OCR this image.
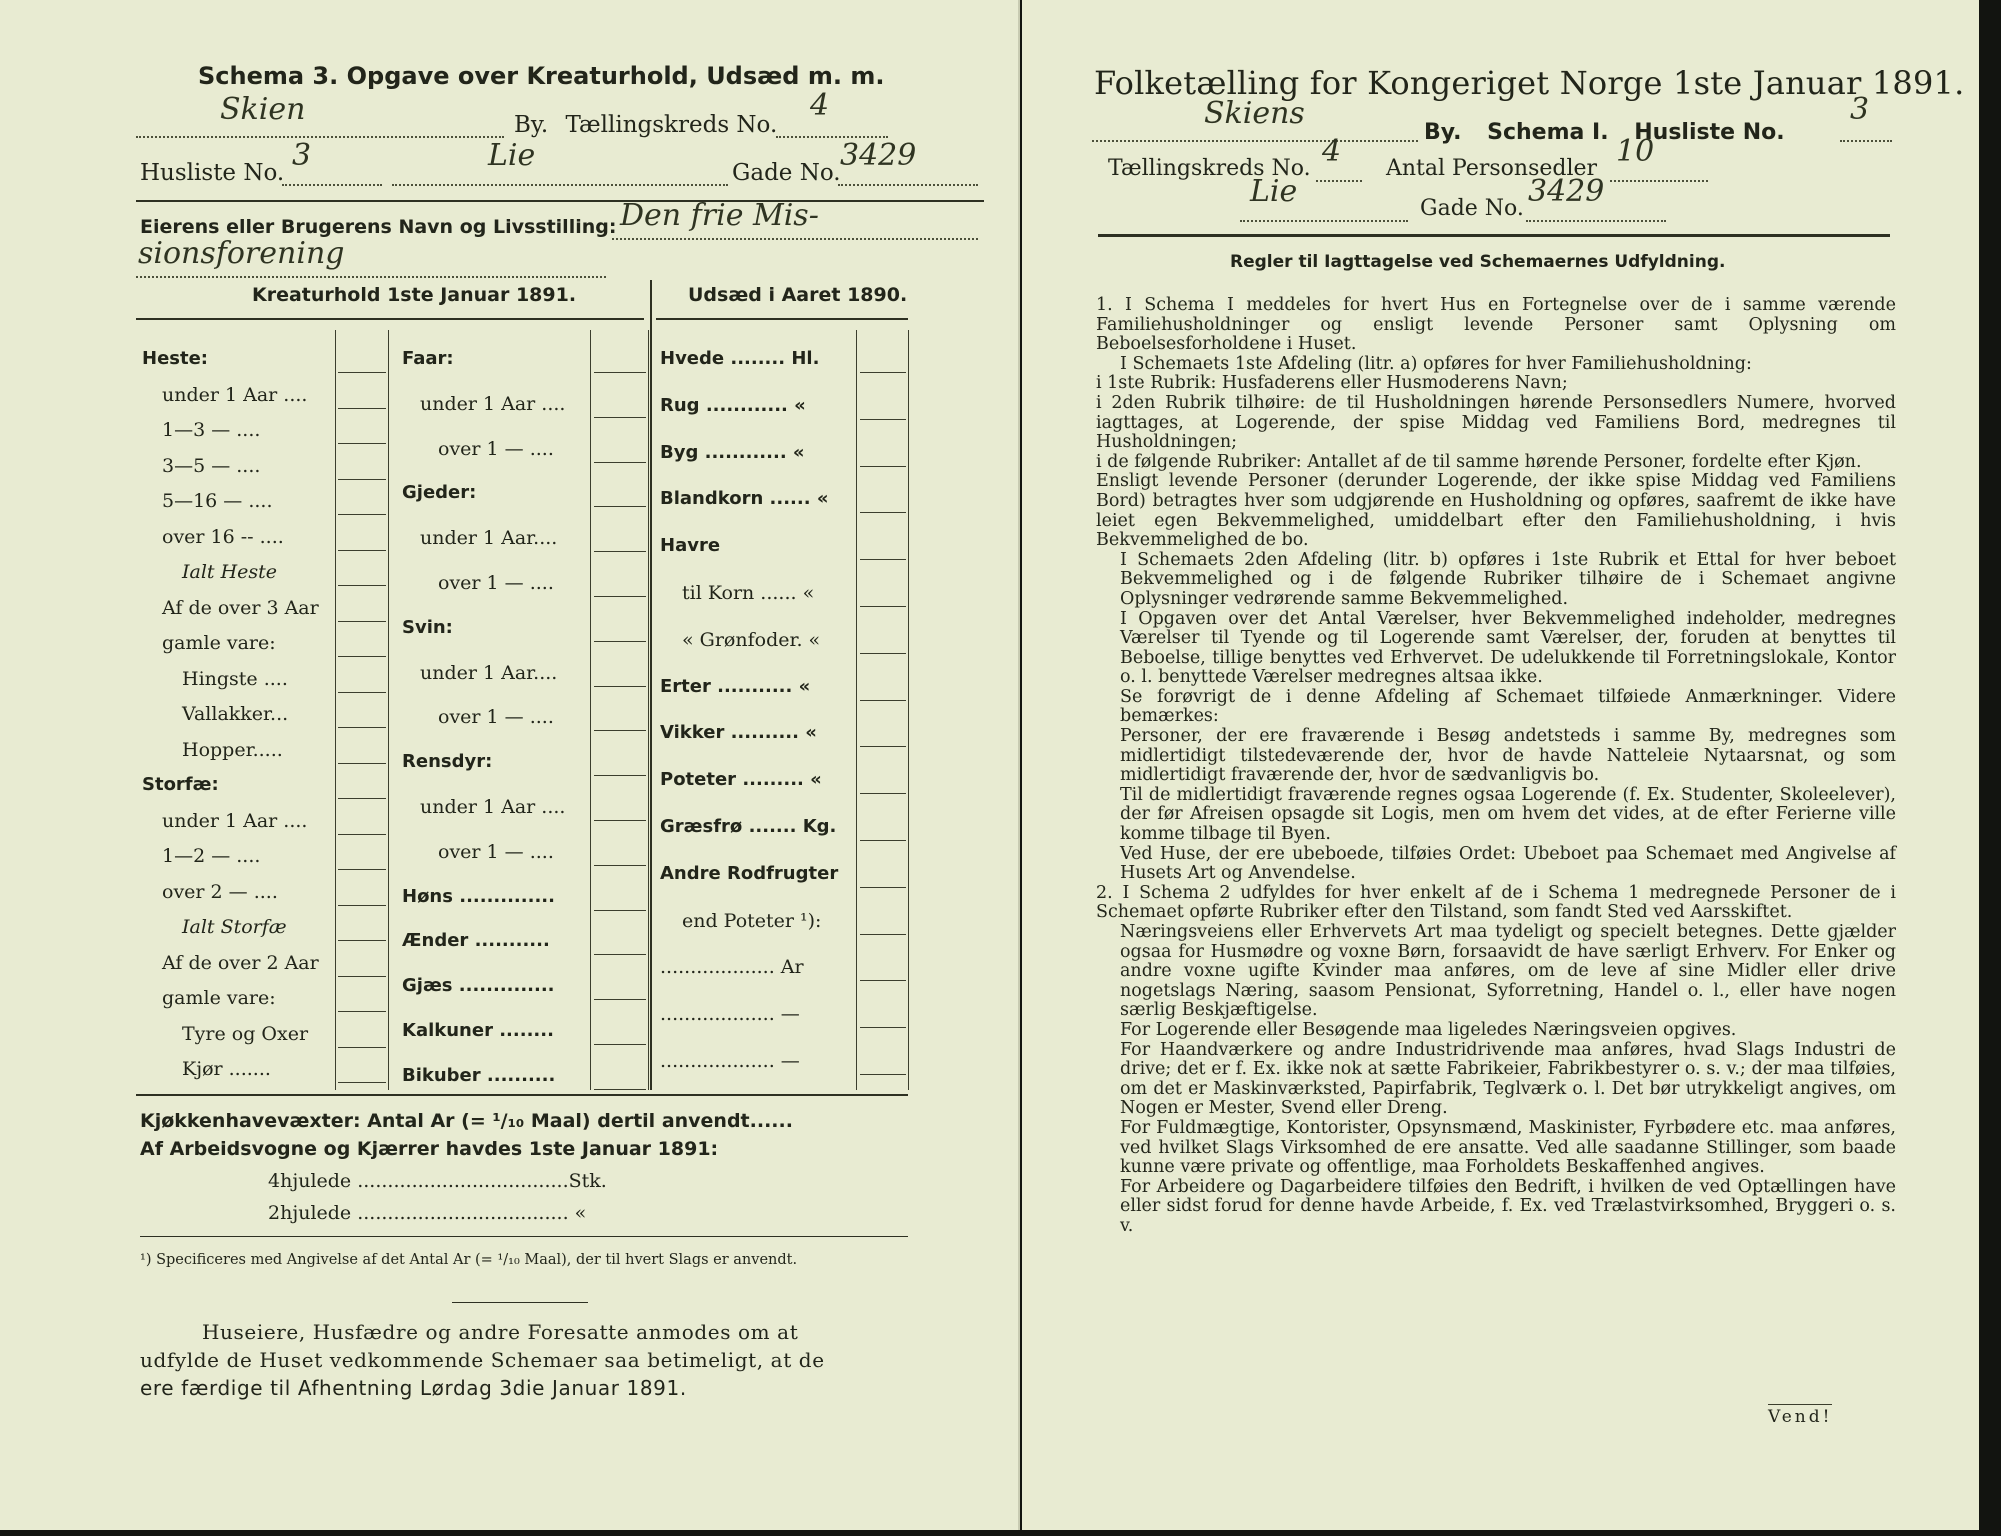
Schema 3. Opgave over Kreaturhold, Udsæd m. m.
Skien	By. Tællingskreds No.
4
Husliste No. 3	Lie	Gade No. 3429
Eierens eller Brugerens Navn og Livsstilling: Den frie Mis-
sionsforening
Kreaturhold 1ste Januar 1891.	Udsæd i Aaret 1890.
Heste:
under 1 Aar ....
1—3 — ....
3—5 — ....
5—16 — ....
over 16 -- ....
Ialt Heste
Af de over 3 Aar
gamle vare:
Hingste ....
Vallakker...
Hopper.....
Storfæ:
under 1 Aar ....
1—2 — ....
over 2 — ....
Ialt Storfæ
Af de over 2 Aar
gamle vare:
Tyre og Oxer
Kjør .......
Faar:
under 1 Aar ....
over 1 — ....
Gjeder:
under 1 Aar....
over 1 — ....
Svin:
under 1 Aar....
over 1 — ....
Rensdyr:
under 1 Aar ....
over 1 — ....
Høns ..............
Ænder ...........
Gjæs ..............
Kalkuner ........
Bikuber ..........
Hvede ........ Hl.
Rug ............ «
Byg ............ «
Blandkorn ...... «
Havre
til Korn ...... «
« Grønfoder. «
Erter ........... «
Vikker .......... «
Poteter ......... «
Græsfrø ....... Kg.
Andre Rodfrugter
end Poteter ¹):
................... Ar
................... —
................... —
Kjøkkenhavevæxter: Antal Ar (= ¹/₁₀ Maal) dertil anvendt......
Af Arbeidsvogne og Kjærrer havdes 1ste Januar 1891:
4hjulede ...................................Stk.
2hjulede ................................... «
¹) Specificeres med Angivelse af det Antal Ar (= ¹/₁₀ Maal), der til hvert Slags er anvendt.
Huseiere, Husfædre og andre Foresatte anmodes om at
udfylde de Huset vedkommende Schemaer saa betimeligt, at de
ere færdige til Afhentning Lørdag 3die Januar 1891.
Folketælling for Kongeriget Norge 1ste Januar 1891.
Skiens
By. Schema I. Husliste No.
3
Tællingskreds No. 4 Antal Personsedler 10
Lie	Gade No. 3429
Regler til Iagttagelse ved Schemaernes Udfyldning.
1. I Schema I meddeles for hvert Hus en Fortegnelse over de i samme værende Familiehusholdninger og ensligt levende Personer samt Oplysning om Beboelsesforholdene i Huset.
I Schemaets 1ste Afdeling (litr. a) opføres for hver Familiehusholdning:
i 1ste Rubrik: Husfaderens eller Husmoderens Navn;
i 2den Rubrik tilhøire: de til Husholdningen hørende Personsedlers Numere, hvorved iagttages, at Logerende, der spise Middag ved Familiens Bord, medregnes til Husholdningen;
i de følgende Rubriker: Antallet af de til samme hørende Personer, fordelte efter Kjøn.
Ensligt levende Personer (derunder Logerende, der ikke spise Middag ved Familiens Bord) betragtes hver som udgjørende en Husholdning og opføres, saafremt de ikke have leiet egen Bekvemmelighed, umiddelbart efter den Familiehusholdning, i hvis Bekvemmelighed de bo.
I Schemaets 2den Afdeling (litr. b) opføres i 1ste Rubrik et Ettal for hver beboet Bekvemmelighed og i de følgende Rubriker tilhøire de i Schemaet angivne Oplysninger vedrørende samme Bekvemmelighed.
I Opgaven over det Antal Værelser, hver Bekvemmelighed indeholder, medregnes Værelser til Tyende og til Logerende samt Værelser, der, foruden at benyttes til Beboelse, tillige benyttes ved Erhvervet. De udelukkende til Forretningslokale, Kontor o. l. benyttede Værelser medregnes altsaa ikke.
Se forøvrigt de i denne Afdeling af Schemaet tilføiede Anmærkninger. Videre bemærkes:
Personer, der ere fraværende i Besøg andetsteds i samme By, medregnes som midlertidigt tilstedeværende der, hvor de havde Natteleie Nytaarsnat, og som midlertidigt fraværende der, hvor de sædvanligvis bo.
Til de midlertidigt fraværende regnes ogsaa Logerende (f. Ex. Studenter, Skoleelever), der før Afreisen opsagde sit Logis, men om hvem det vides, at de efter Ferierne ville komme tilbage til Byen.
Ved Huse, der ere ubeboede, tilføies Ordet: Ubeboet paa Schemaet med Angivelse af Husets Art og Anvendelse.
2. I Schema 2 udfyldes for hver enkelt af de i Schema 1 medregnede Personer de i Schemaet opførte Rubriker efter den Tilstand, som fandt Sted ved Aarsskiftet.
Næringsveiens eller Erhvervets Art maa tydeligt og specielt betegnes. Dette gjælder ogsaa for Husmødre og voxne Børn, forsaavidt de have særligt Erhverv. For Enker og andre voxne ugifte Kvinder maa anføres, om de leve af sine Midler eller drive nogetslags Næring, saasom Pensionat, Syforretning, Handel o. l., eller have nogen særlig Beskjæftigelse.
For Logerende eller Besøgende maa ligeledes Næringsveien opgives.
For Haandværkere og andre Industridrivende maa anføres, hvad Slags Industri de drive; det er f. Ex. ikke nok at sætte Fabrikeier, Fabrikbestyrer o. s. v.; der maa tilføies, om det er Maskinværksted, Papirfabrik, Teglværk o. l. Det bør utrykkeligt angives, om Nogen er Mester, Svend eller Dreng.
For Fuldmægtige, Kontorister, Opsynsmænd, Maskinister, Fyrbødere etc. maa anføres, ved hvilket Slags Virksomhed de ere ansatte. Ved alle saadanne Stillinger, som baade kunne være private og offentlige, maa Forholdets Beskaffenhed angives.
For Arbeidere og Dagarbeidere tilføies den Bedrift, i hvilken de ved Optællingen have eller sidst forud for denne havde Arbeide, f. Ex. ved Trælastvirksomhed, Bryggeri o. s. v.
Vend!
